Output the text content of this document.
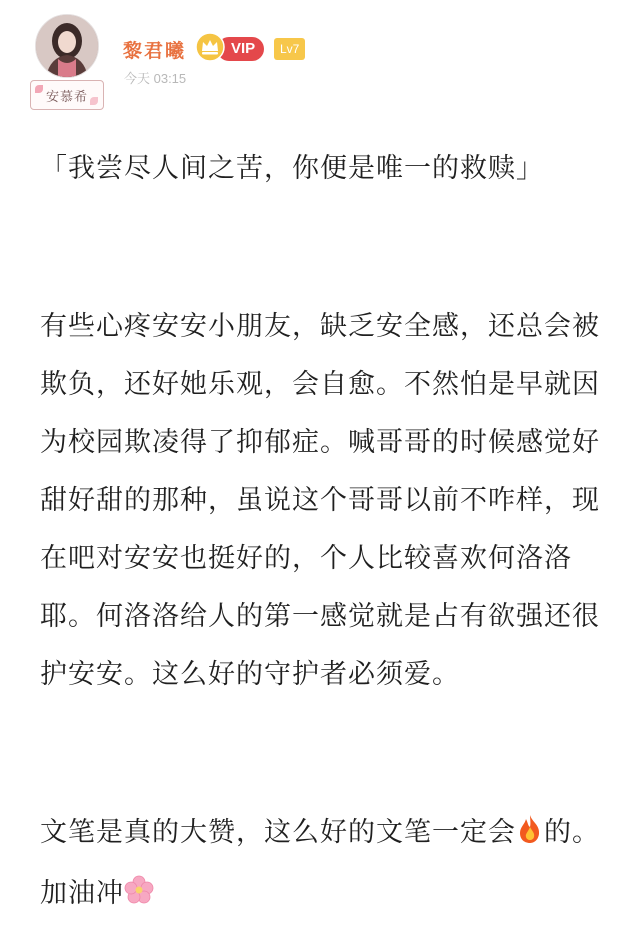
安慕希
黎君曦	VIP	Lv7
今天 03:15

「我尝尽人间之苦，你便是唯一的救赎」

有些心疼安安小朋友，缺乏安全感，还总会被欺负，还好她乐观，会自愈。不然怕是早就因为校园欺凌得了抑郁症。喊哥哥的时候感觉好甜好甜的那种，虽说这个哥哥以前不咋样，现在吧对安安也挺好的，个人比较喜欢何洛洛耶。何洛洛给人的第一感觉就是占有欲强还很护安安。这么好的守护者必须爱。

文笔是真的大赞，这么好的文笔一定会 的。加油冲
